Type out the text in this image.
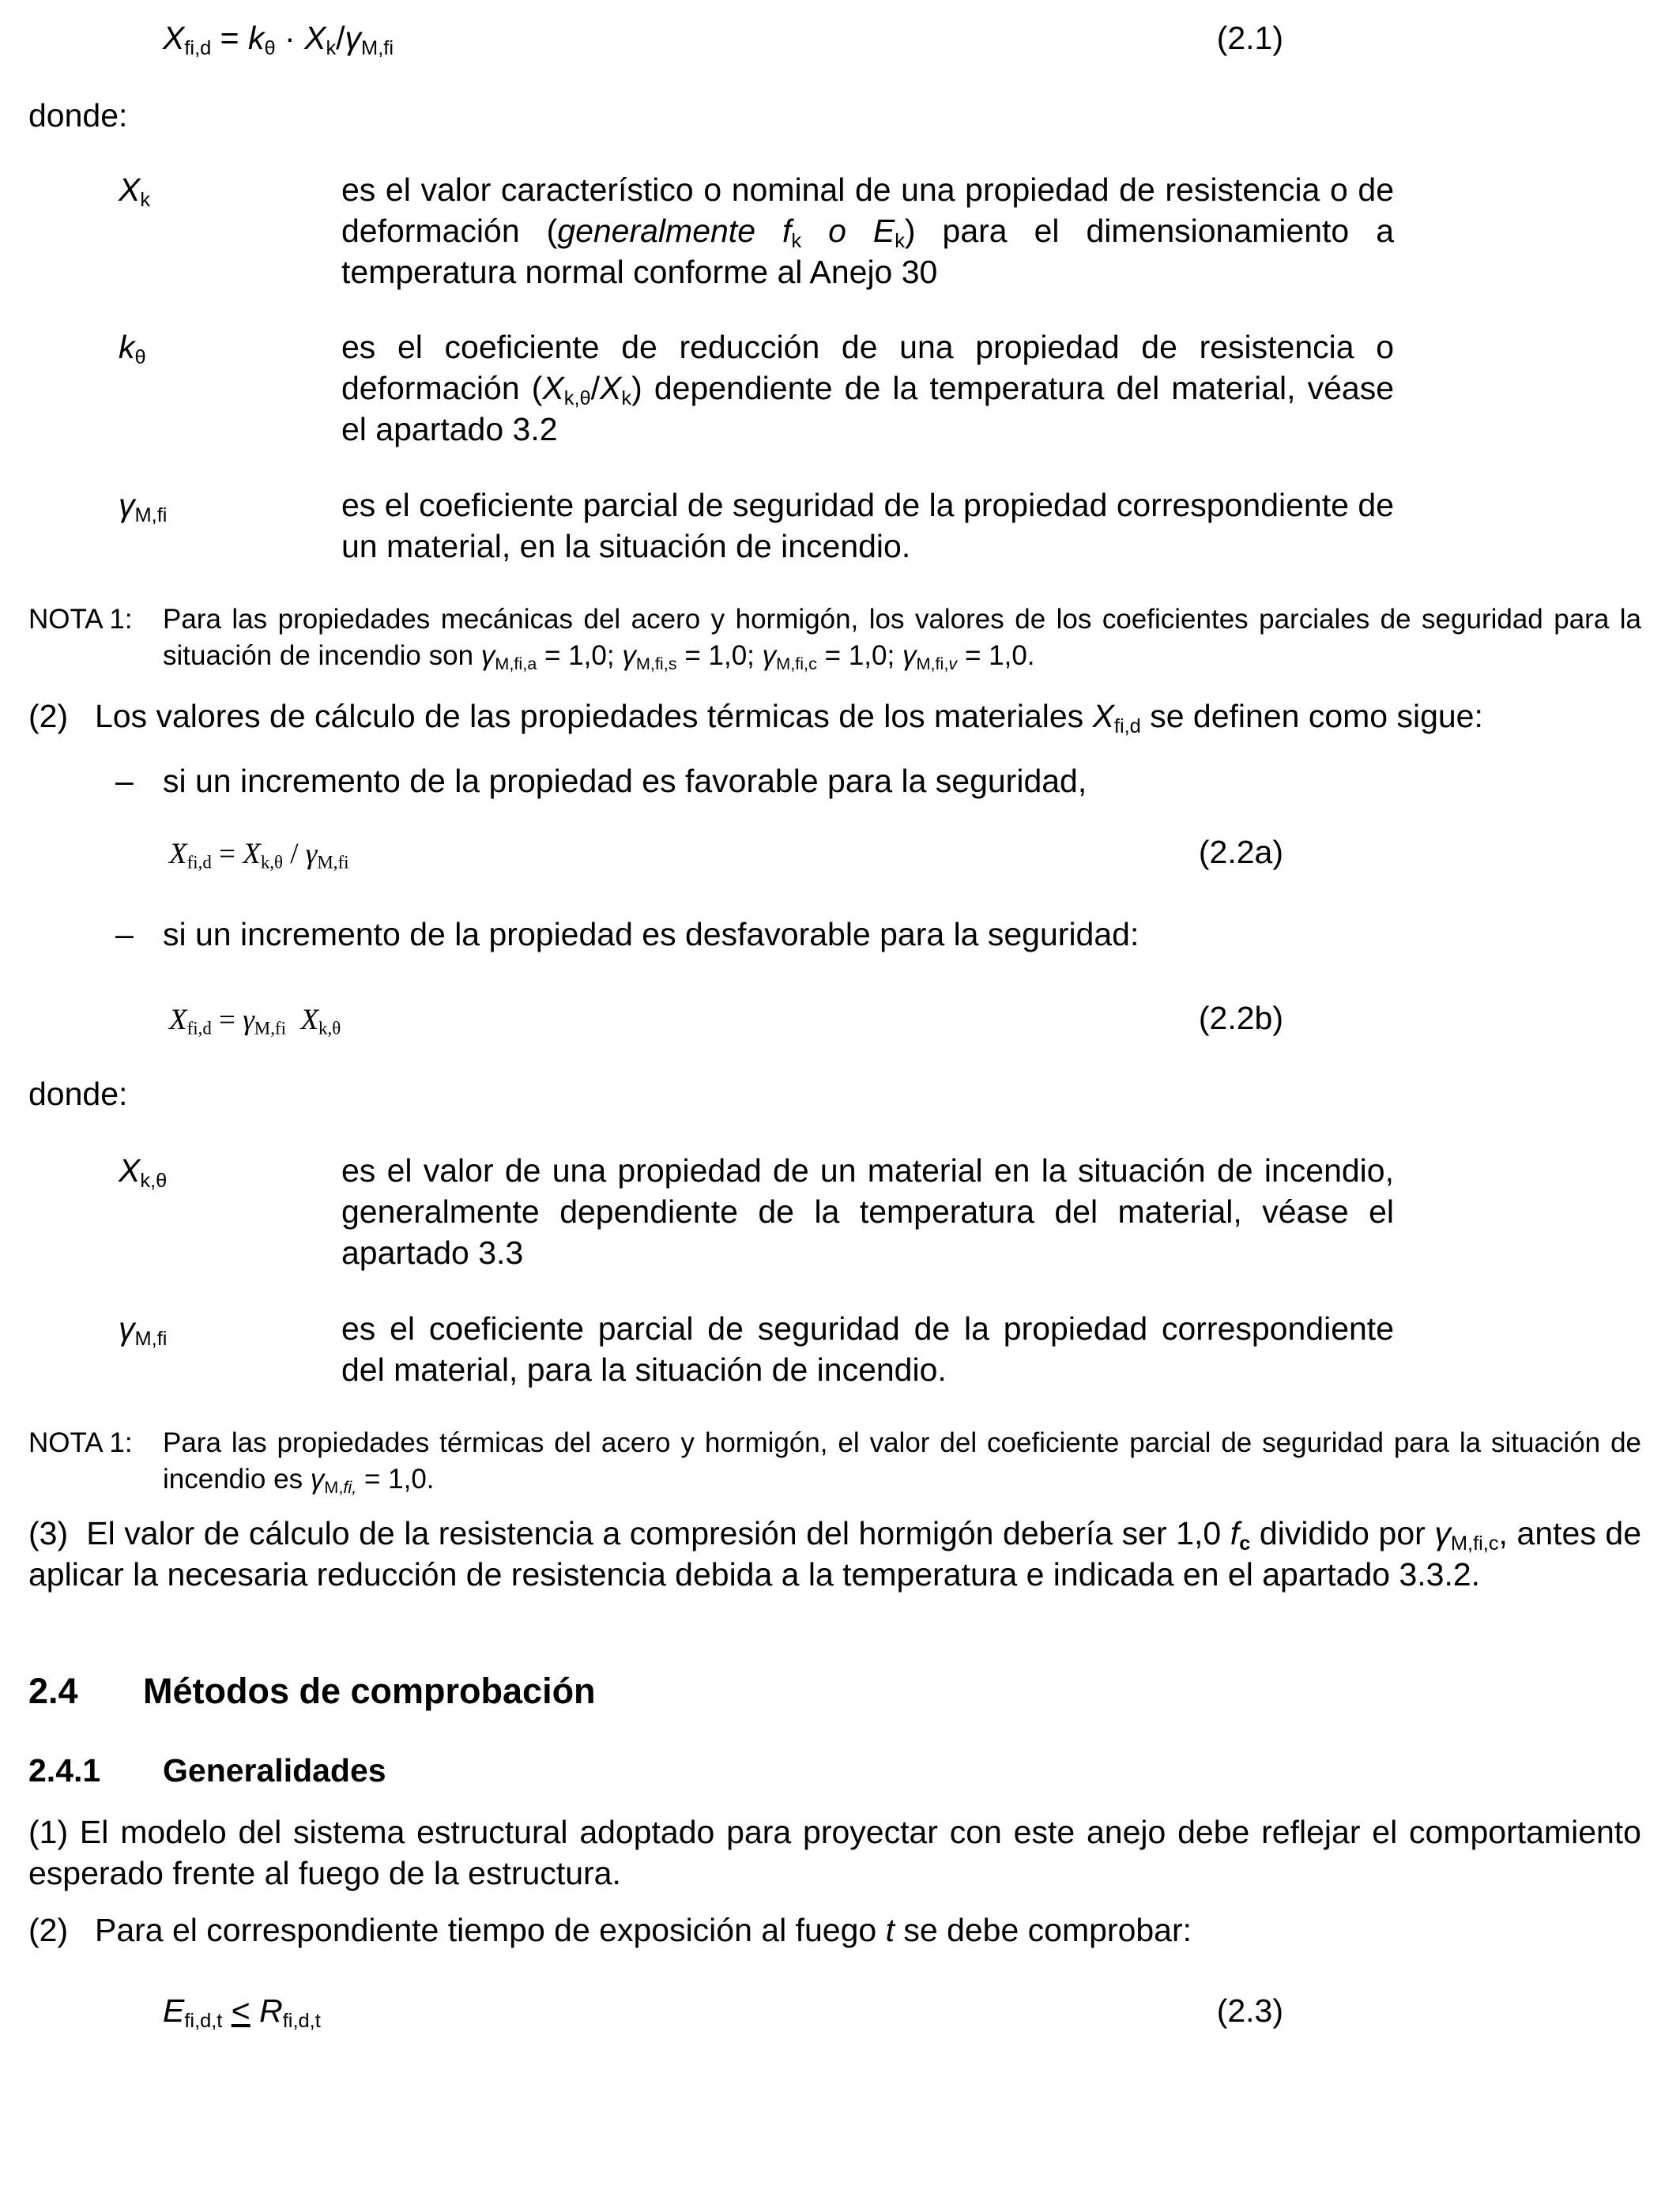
$X_{fi,d} = k_\theta \cdot X_k/\gamma_{M,fi}$	(2.1)
donde:
$X_k$	es el valor característico o nominal de una propiedad de resistencia o de deformación (generalmente $f_k$ o $E_k$) para el dimensionamiento a temperatura normal conforme al Anejo 30
$k_\theta$	es el coeficiente de reducción de una propiedad de resistencia o deformación $(X_{k,\theta}/X_k)$ dependiente de la temperatura del material, véase el apartado 3.2
$\gamma_{M,fi}$	es el coeficiente parcial de seguridad de la propiedad correspondiente de un material, en la situación de incendio.
NOTA 1: Para las propiedades mecánicas del acero y hormigón, los valores de los coeficientes parciales de seguridad para la situación de incendio son $\gamma_{M,fi,a} = 1,0$; $\gamma_{M,fi,s} = 1,0$; $\gamma_{M,fi,c} = 1,0$; $\gamma_{M,fi,v} = 1,0$.
(2) Los valores de cálculo de las propiedades térmicas de los materiales $X_{fi,d}$ se definen como sigue:
– si un incremento de la propiedad es favorable para la seguridad,
$X_{fi,d} = X_{k,\theta} / \gamma_{M,fi}$	(2.2a)
– si un incremento de la propiedad es desfavorable para la seguridad:
$X_{fi,d} = \gamma_{M,fi}$ $X_{k,\theta}$	(2.2b)
donde:
$X_{k,\theta}$	es el valor de una propiedad de un material en la situación de incendio, generalmente dependiente de la temperatura del material, véase el apartado 3.3
$\gamma_{M,fi}$	es el coeficiente parcial de seguridad de la propiedad correspondiente del material, para la situación de incendio.
NOTA 1: Para las propiedades térmicas del acero y hormigón, el valor del coeficiente parcial de seguridad para la situación de incendio es $\gamma_{M,fi,} = 1,0$.
(3)  El valor de cálculo de la resistencia a compresión del hormigón debería ser 1,0 $f_c$ dividido por $\gamma_{M,fi,c}$, antes de aplicar la necesaria reducción de resistencia debida a la temperatura e indicada en el apartado 3.3.2.
2.4 Métodos de comprobación
2.4.1 Generalidades
(1) El modelo del sistema estructural adoptado para proyectar con este anejo debe reflejar el comportamiento esperado frente al fuego de la estructura.
(2) Para el correspondiente tiempo de exposición al fuego t se debe comprobar:
$E_{fi,d,t} < R_{fi,d,t}$	(2.3)
